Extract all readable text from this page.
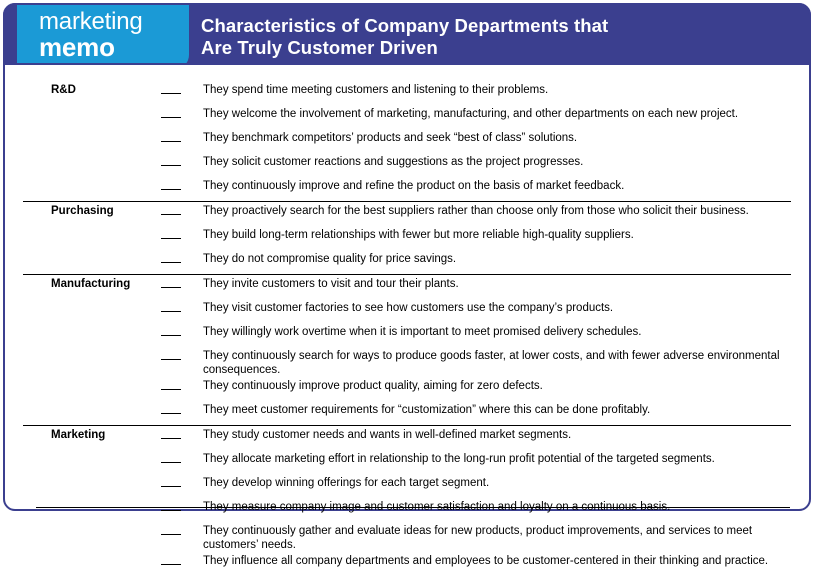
marketing
memo
Characteristics of Company Departments that
Are Truly Customer Driven
R&D		They spend time meeting customers and listening to their problems.
		They welcome the involvement of marketing, manufacturing, and other departments on each new project.
		They benchmark competitors’ products and seek “best of class” solutions.
		They solicit customer reactions and suggestions as the project progresses.
		They continuously improve and refine the product on the basis of market feedback.
Purchasing		They proactively search for the best suppliers rather than choose only from those who solicit their business.
		They build long-term relationships with fewer but more reliable high-quality suppliers.
		They do not compromise quality for price savings.
Manufacturing		They invite customers to visit and tour their plants.
		They visit customer factories to see how customers use the company’s products.
		They willingly work overtime when it is important to meet promised delivery schedules.
		They continuously search for ways to produce goods faster, at lower costs, and with fewer adverse environmental consequences.
		They continuously improve product quality, aiming for zero defects.
		They meet customer requirements for “customization” where this can be done profitably.
Marketing		They study customer needs and wants in well-defined market segments.
		They allocate marketing effort in relationship to the long-run profit potential of the targeted segments.
		They develop winning offerings for each target segment.
		They measure company image and customer satisfaction and loyalty on a continuous basis.
		They continuously gather and evaluate ideas for new products, product improvements, and services to meet customers’ needs.
		They influence all company departments and employees to be customer-centered in their thinking and practice.
